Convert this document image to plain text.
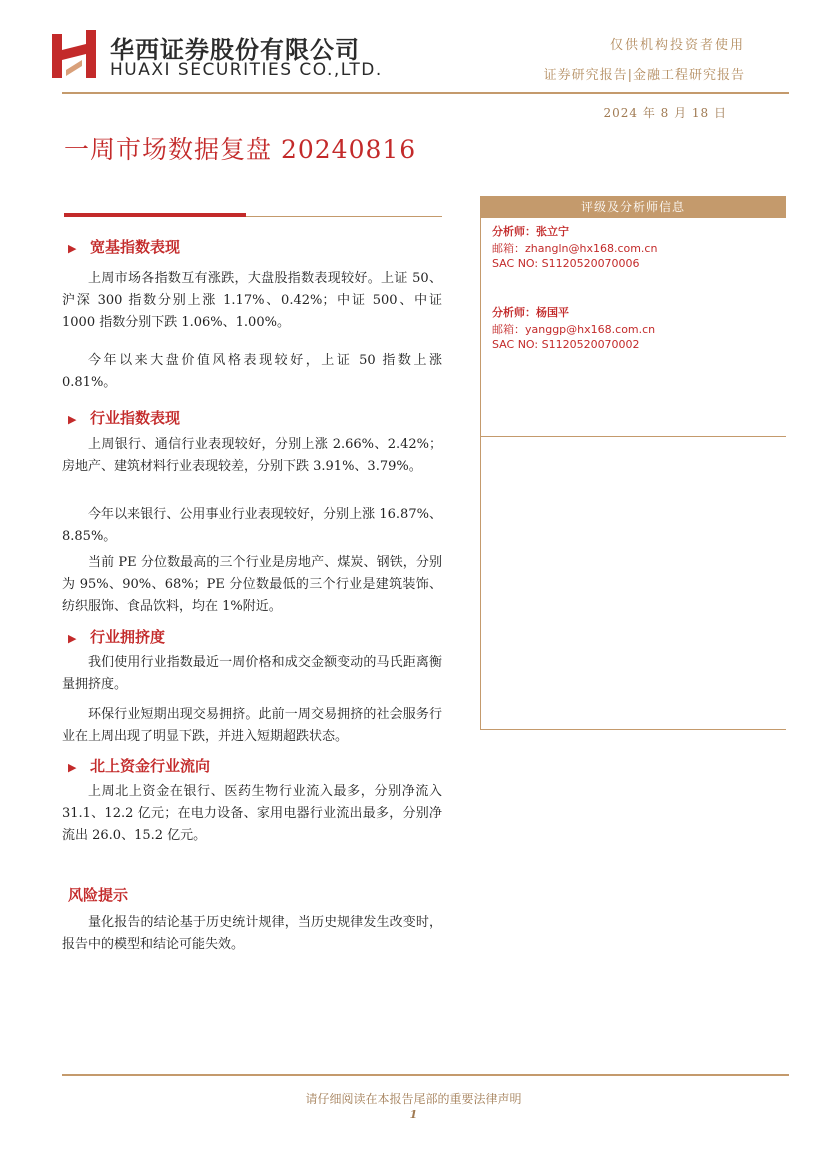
华西证券股份有限公司
HUAXI SECURITIES CO.,LTD.
仅供机构投资者使用
证券研究报告|金融工程研究报告
2024 年 8 月 18 日
一周市场数据复盘 20240816
▶ 宽基指数表现

上周市场各指数互有涨跌，大盘股指数表现较好。上证 50、沪深 300 指数分别上涨 1.17%、0.42%；中证 500、中证 1000 指数分别下跌 1.06%、1.00%。

今年以来大盘价值风格表现较好，上证 50 指数上涨 0.81%。

▶ 行业指数表现

上周银行、通信行业表现较好，分别上涨 2.66%、2.42%；房地产、建筑材料行业表现较差，分别下跌 3.91%、3.79%。

今年以来银行、公用事业行业表现较好，分别上涨 16.87%、8.85%。

当前 PE 分位数最高的三个行业是房地产、煤炭、钢铁，分别为 95%、90%、68%；PE 分位数最低的三个行业是建筑装饰、纺织服饰、食品饮料，均在 1%附近。

▶ 行业拥挤度

我们使用行业指数最近一周价格和成交金额变动的马氏距离衡量拥挤度。

环保行业短期出现交易拥挤。此前一周交易拥挤的社会服务行业在上周出现了明显下跌，并进入短期超跌状态。

▶ 北上资金行业流向

上周北上资金在银行、医药生物行业流入最多，分别净流入 31.1、12.2 亿元；在电力设备、家用电器行业流出最多，分别净流出 26.0、15.2 亿元。

风险提示

量化报告的结论基于历史统计规律，当历史规律发生改变时，报告中的模型和结论可能失效。

评级及分析师信息
分析师：张立宁
邮箱：zhangln@hx168.com.cn
SAC NO: S1120520070006
分析师：杨国平
邮箱：yanggp@hx168.com.cn
SAC NO: S1120520070002
请仔细阅读在本报告尾部的重要法律声明
1
